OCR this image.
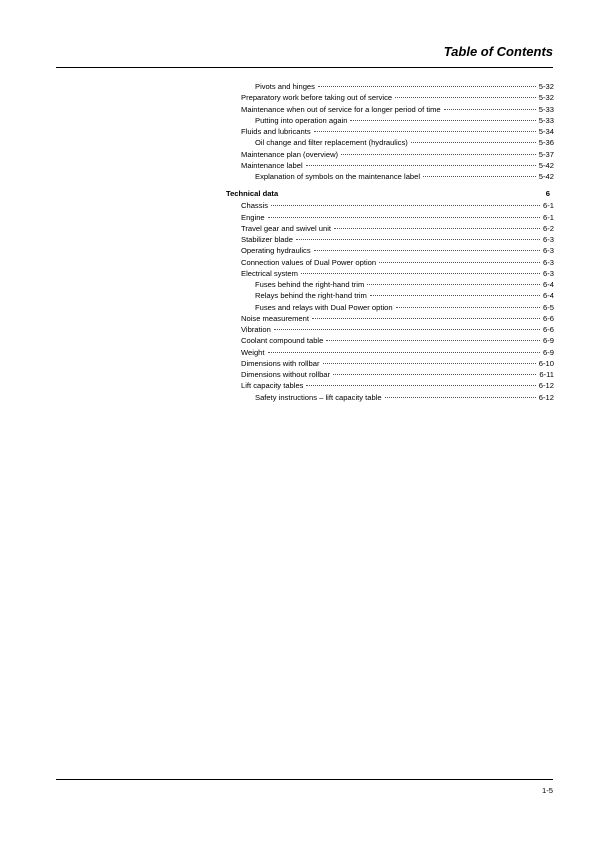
Table of Contents
Pivots and hinges	5-32
Preparatory work before taking out of service	5-32
Maintenance when out of service for a longer period of time	5-33
Putting into operation again	5-33
Fluids and lubricants	5-34
Oil change and filter replacement (hydraulics)	5-36
Maintenance plan (overview)	5-37
Maintenance label	5-42
Explanation of symbols on the maintenance label	5-42
Technical data	6
Chassis	6-1
Engine	6-1
Travel gear and swivel unit	6-2
Stabilizer blade	6-3
Operating hydraulics	6-3
Connection values of Dual Power option	6-3
Electrical system	6-3
Fuses behind the right-hand trim	6-4
Relays behind the right-hand trim	6-4
Fuses and relays with Dual Power option	6-5
Noise measurement	6-6
Vibration	6-6
Coolant compound table	6-9
Weight	6-9
Dimensions with rollbar	6-10
Dimensions without rollbar	6-11
Lift capacity tables	6-12
Safety instructions – lift capacity table	6-12
1-5
